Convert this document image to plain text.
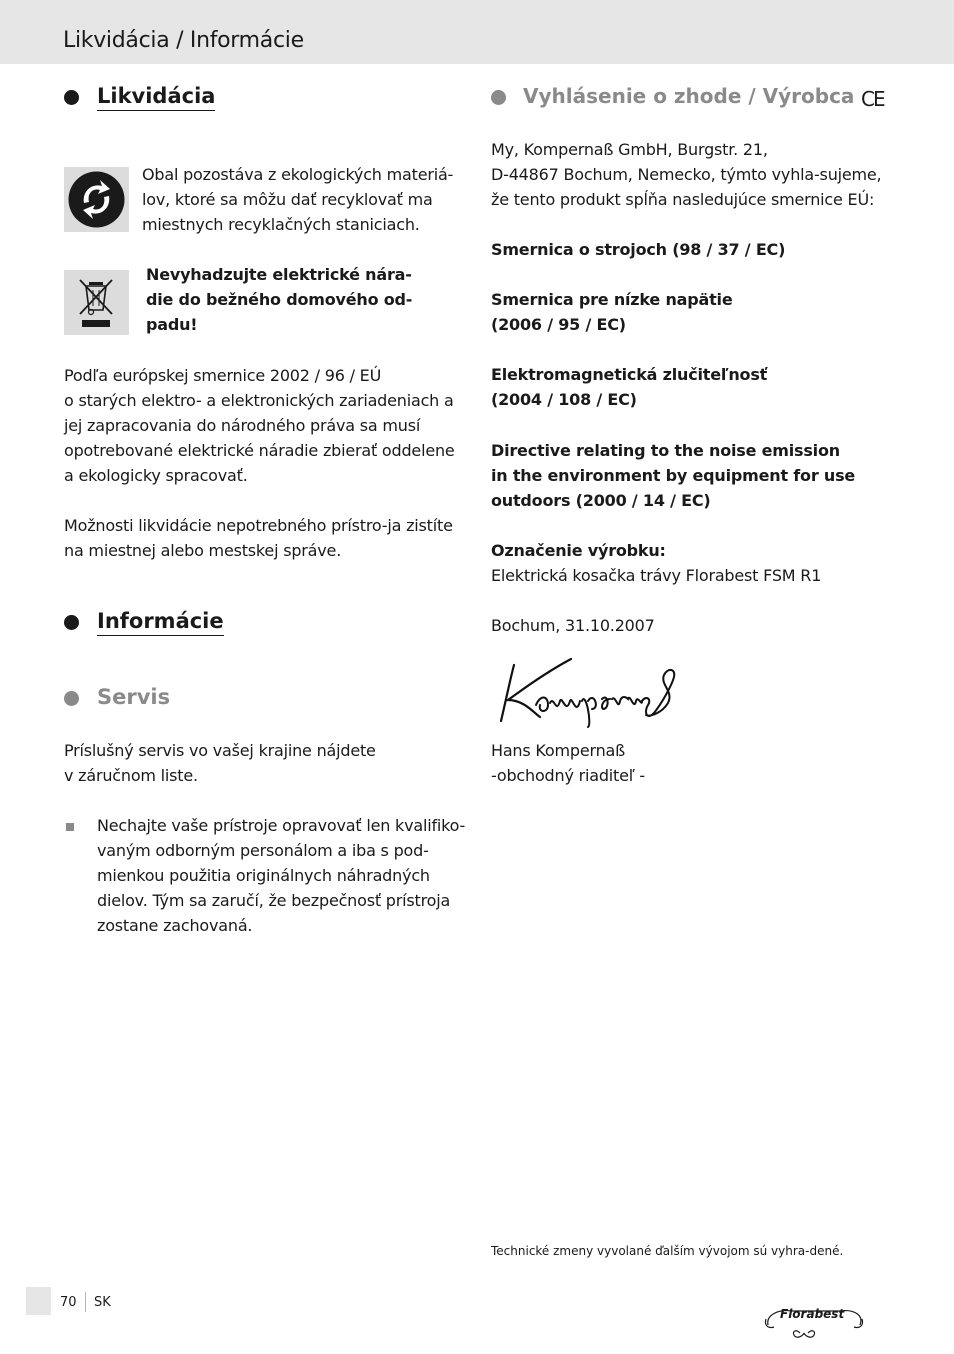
Likvidácia / Informácie
Likvidácia
Obal pozostáva z ekologických materiá-
lov, ktoré sa môžu dať recyklovať ma
miestnych recyklačných staniciach.
Nevyhadzujte elektrické nára-
die do bežného domového od-
padu!
Podľa európskej smernice 2002 / 96 / EÚ
o starých elektro- a elektronických zariadeniach a
jej zapracovania do národného práva sa musí
opotrebované elektrické náradie zbierať oddelene
a ekologicky spracovať.
Možnosti likvidácie nepotrebného prístro-ja zistíte
na miestnej alebo mestskej správe.
Informácie
Servis
Príslušný servis vo vašej krajine nájdete
v záručnom liste.
Nechajte vaše prístroje opravovať len kvalifiko-
vaným odborným personálom a iba s pod-
mienkou použitia originálnych náhradných
dielov. Tým sa zaručí, že bezpečnosť prístroja
zostane zachovaná.
Vyhlásenie o zhode / Výrobca CE
My, Kompernaß GmbH, Burgstr. 21,
D-44867 Bochum, Nemecko, týmto vyhla-sujeme,
že tento produkt spĺňa nasledujúce smernice EÚ:
Smernica o strojoch (98 / 37 / EC)
Smernica pre nízke napätie
(2006 / 95 / EC)
Elektromagnetická zlučiteľnosť
(2004 / 108 / EC)
Directive relating to the noise emission
in the environment by equipment for use
outdoors (2000 / 14 / EC)
Označenie výrobku:
Elektrická kosačka trávy Florabest FSM R1
Bochum, 31.10.2007
Hans Kompernaß
-obchodný riaditeľ -
Technické zmeny vyvolané ďalším vývojom sú vyhra-dené.
70 SK
Florabest
